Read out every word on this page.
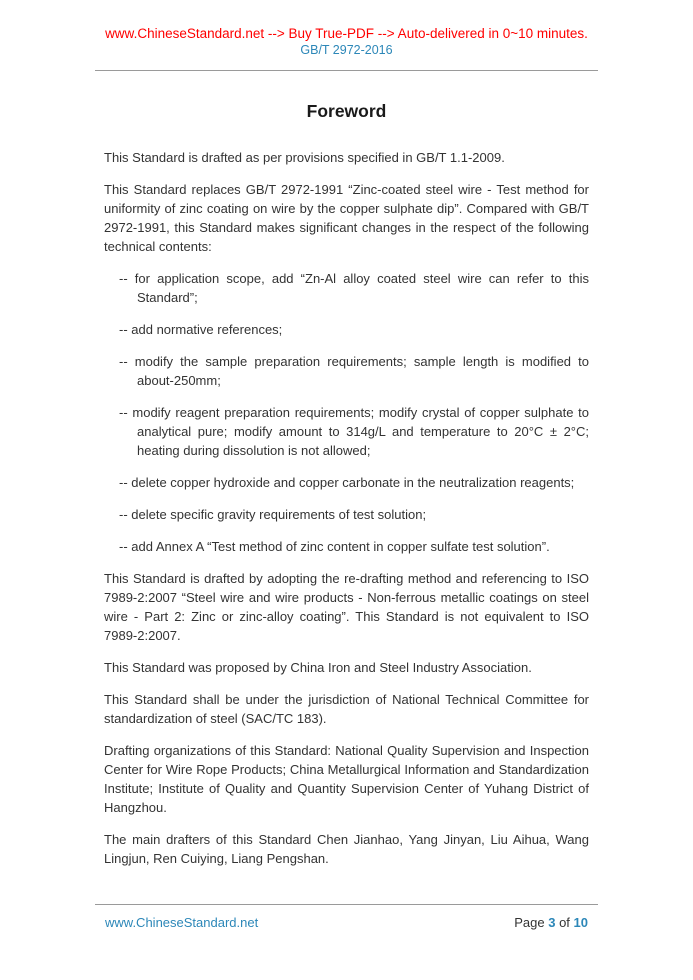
www.ChineseStandard.net --> Buy True-PDF --> Auto-delivered in 0~10 minutes.
GB/T 2972-2016
Foreword

This Standard is drafted as per provisions specified in GB/T 1.1-2009.

This Standard replaces GB/T 2972-1991 “Zinc-coated steel wire - Test method for uniformity of zinc coating on wire by the copper sulphate dip”. Compared with GB/T 2972-1991, this Standard makes significant changes in the respect of the following technical contents:

-- for application scope, add “Zn-Al alloy coated steel wire can refer to this Standard”;

-- add normative references;

-- modify the sample preparation requirements; sample length is modified to about-250mm;

-- modify reagent preparation requirements; modify crystal of copper sulphate to analytical pure; modify amount to 314g/L and temperature to 20°C ± 2°C; heating during dissolution is not allowed;

-- delete copper hydroxide and copper carbonate in the neutralization reagents;

-- delete specific gravity requirements of test solution;

-- add Annex A “Test method of zinc content in copper sulfate test solution”.

This Standard is drafted by adopting the re-drafting method and referencing to ISO 7989-2:2007 “Steel wire and wire products - Non-ferrous metallic coatings on steel wire - Part 2: Zinc or zinc-alloy coating”. This Standard is not equivalent to ISO 7989-2:2007.

This Standard was proposed by China Iron and Steel Industry Association.

This Standard shall be under the jurisdiction of National Technical Committee for standardization of steel (SAC/TC 183).

Drafting organizations of this Standard: National Quality Supervision and Inspection Center for Wire Rope Products; China Metallurgical Information and Standardization Institute; Institute of Quality and Quantity Supervision Center of Yuhang District of Hangzhou.

The main drafters of this Standard Chen Jianhao, Yang Jinyan, Liu Aihua, Wang Lingjun, Ren Cuiying, Liang Pengshan.

www.ChineseStandard.net	Page 3 of 10
